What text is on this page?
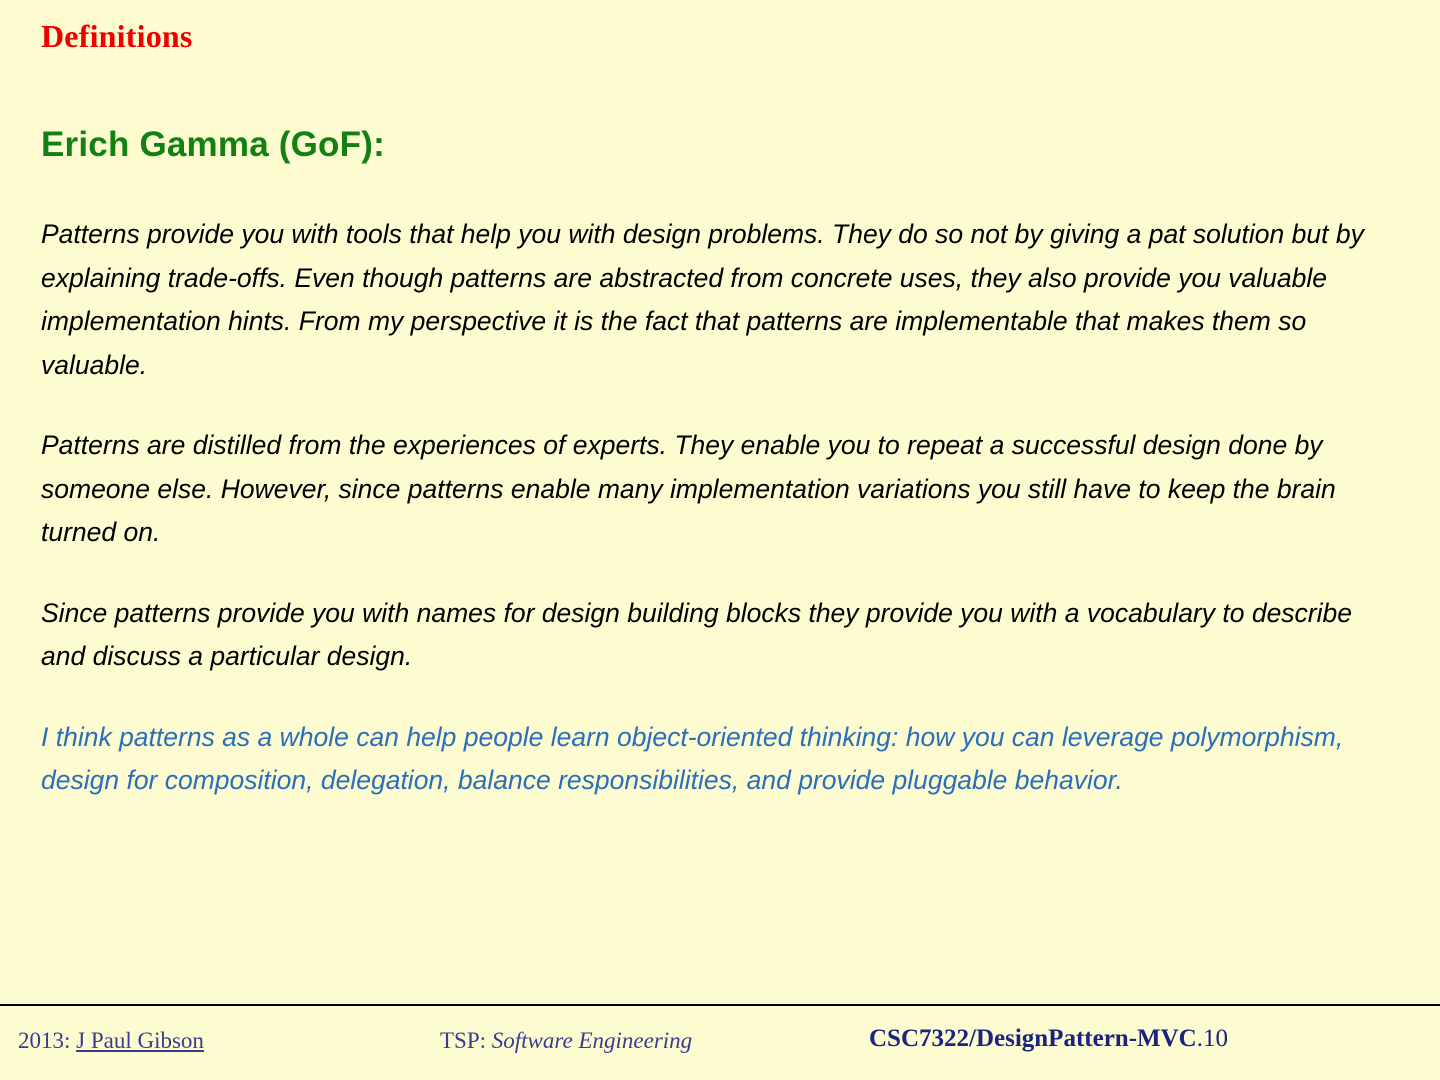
Definitions
Erich Gamma (GoF):

Patterns provide you with tools that help you with design problems. They do so not by giving a pat solution but by explaining trade-offs. Even though patterns are abstracted from concrete uses, they also provide you valuable implementation hints. From my perspective it is the fact that patterns are implementable that makes them so valuable.

Patterns are distilled from the experiences of experts. They enable you to repeat a successful design done by someone else. However, since patterns enable many implementation variations you still have to keep the brain turned on.

Since patterns provide you with names for design building blocks they provide you with a vocabulary to describe and discuss a particular design.

I think patterns as a whole can help people learn object-oriented thinking: how you can leverage polymorphism, design for composition, delegation, balance responsibilities, and provide pluggable behavior.

2013: J Paul Gibson	TSP: Software Engineering	CSC7322/DesignPattern-MVC.10
